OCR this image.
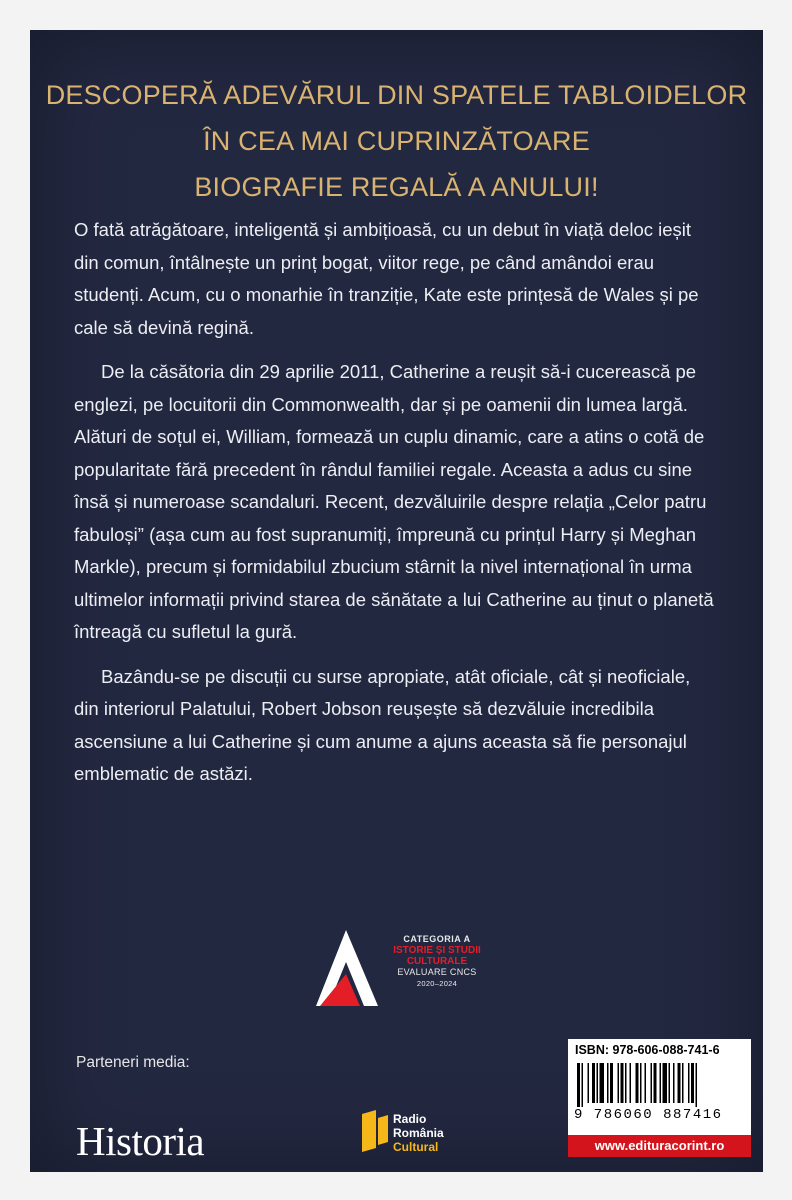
DESCOPERĂ ADEVĂRUL DIN SPATELE TABLOIDELOR
ÎN CEA MAI CUPRINZĂTOARE
BIOGRAFIE REGALĂ A ANULUI!

O fată atrăgătoare, inteligentă și ambițioasă, cu un debut în viață deloc ieșit din comun, întâlnește un prinț bogat, viitor rege, pe când amândoi erau studenți. Acum, cu o monarhie în tranziție, Kate este prințesă de Wales și pe cale să devină regină.

De la căsătoria din 29 aprilie 2011, Catherine a reușit să-i cucerească pe englezi, pe locuitorii din Commonwealth, dar și pe oamenii din lumea largă. Alături de soțul ei, William, formează un cuplu dinamic, care a atins o cotă de popularitate fără precedent în rândul familiei regale. Aceasta a adus cu sine însă și numeroase scandaluri. Recent, dezvăluirile despre relația „Celor patru fabuloși” (așa cum au fost supranumiți, împreună cu prințul Harry și Meghan Markle), precum și formidabilul zbucium stârnit la nivel internațional în urma ultimelor informații privind starea de sănătate a lui Catherine au ținut o planetă întreagă cu sufletul la gură.

Bazându-se pe discuții cu surse apropiate, atât oficiale, cât și neoficiale, din interiorul Palatului, Robert Jobson reușește să dezvăluie incredibila ascensiune a lui Catherine și cum anume a ajuns aceasta să fie personajul emblematic de astăzi.

CATEGORIA A
ISTORIE ȘI STUDII CULTURALE
EVALUARE CNCS
2020–2024
Parteneri media:
Historia	Radio
România
Cultural
ISBN: 978-606-088-741-6
9 786060 887416
www.edituracorint.ro
